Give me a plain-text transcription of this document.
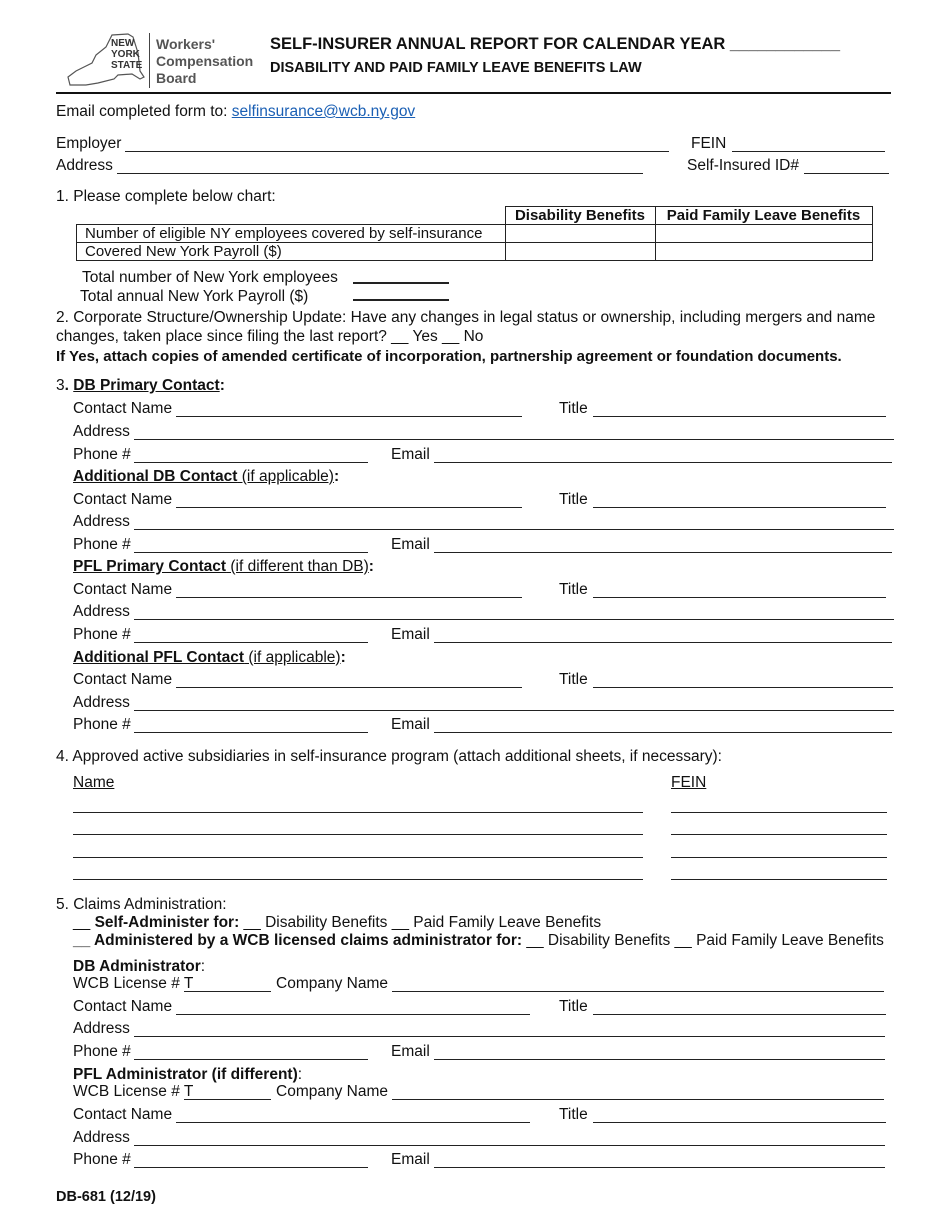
NEW
YORK
STATE
Workers'
Compensation
Board
SELF-INSURER ANNUAL REPORT FOR CALENDAR YEAR ____________
DISABILITY AND PAID FAMILY LEAVE BENEFITS LAW
Email completed form to: selfinsurance@wcb.ny.gov
Employer	FEIN
Address	Self-Insured ID#
1. Please complete below chart:
	Disability Benefits	Paid Family Leave Benefits
Number of eligible NY employees covered by self-insurance		
Covered New York Payroll ($)		
Total number of New York employees
Total annual New York Payroll ($)
2. Corporate Structure/Ownership Update: Have any changes in legal status or ownership, including mergers and name
changes, taken place since filing the last report? __ Yes __ No
If Yes, attach copies of amended certificate of incorporation, partnership agreement or foundation documents.
3. DB Primary Contact:
Contact Name	Title
Address
Phone #	Email
Additional DB Contact (if applicable):
Contact Name	Title
Address
Phone #	Email
PFL Primary Contact (if different than DB):
Contact Name	Title
Address
Phone #	Email
Additional PFL Contact (if applicable):
Contact Name	Title
Address
Phone #	Email
4. Approved active subsidiaries in self-insurance program (attach additional sheets, if necessary):
Name	FEIN
5. Claims Administration:
__ Self-Administer for: __ Disability Benefits __ Paid Family Leave Benefits
__ Administered by a WCB licensed claims administrator for: __ Disability Benefits __ Paid Family Leave Benefits
DB Administrator:
WCB License # T	Company Name
Contact Name	Title
Address
Phone #	Email
PFL Administrator (if different):
WCB License # T	Company Name
Contact Name	Title
Address
Phone #	Email
DB-681 (12/19)
